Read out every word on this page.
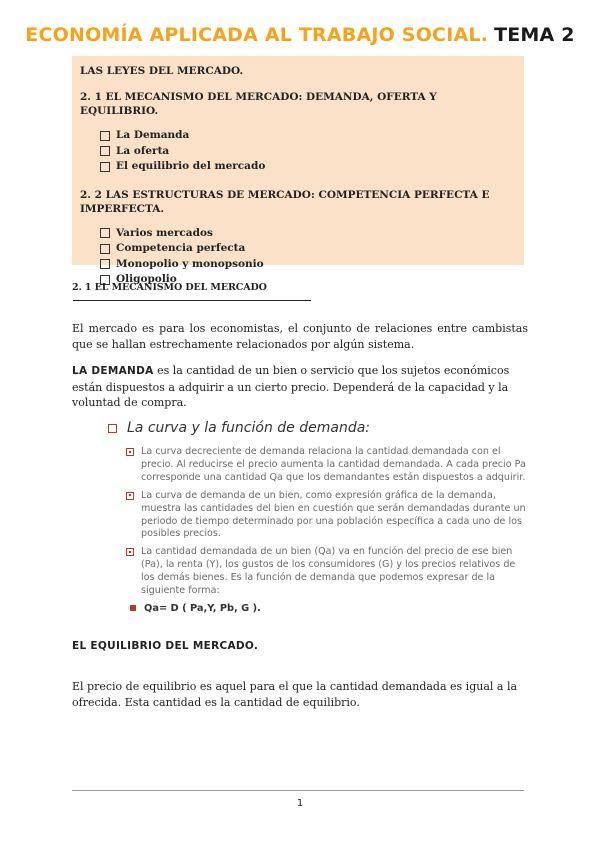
ECONOMÍA APLICADA AL TRABAJO SOCIAL. TEMA 2

LAS LEYES DEL MERCADO.

2. 1 EL MECANISMO DEL MERCADO: DEMANDA, OFERTA Y EQUILIBRIO.

La Demanda
La oferta
El equilibrio del mercado

2. 2 LAS ESTRUCTURAS DE MERCADO: COMPETENCIA PERFECTA E IMPERFECTA.

Varios mercados
Competencia perfecta
Monopolio y monopsonio
Oligopolio
2. 1 EL MECANISMO DEL MERCADO

El mercado es para los economistas, el conjunto de relaciones entre cambistas que se hallan estrechamente relacionados por algún sistema.

LA DEMANDA es la cantidad de un bien o servicio que los sujetos económicos están dispuestos a adquirir a un cierto precio. Dependerá de la capacidad y la voluntad de compra.

La curva y la función de demanda:
La curva decreciente de demanda relaciona la cantidad demandada con el precio. Al reducirse el precio aumenta la cantidad demandada. A cada precio Pa corresponde una cantidad Qa que los demandantes están dispuestos a adquirir.
La curva de demanda de un bien, como expresión gráfica de la demanda, muestra las cantidades del bien en cuestión que serán demandadas durante un periodo de tiempo determinado por una población específica a cada uno de los posibles precios.
La cantidad demandada de un bien (Qa) va en función del precio de ese bien (Pa), la renta (Y), los gustos de los consumidores (G) y los precios relativos de los demás bienes. Es la función de demanda que podemos expresar de la siguiente forma:
Qa= D ( Pa,Y, Pb, G ).
EL EQUILIBRIO DEL MERCADO.

El precio de equilibrio es aquel para el que la cantidad demandada es igual a la ofrecida. Esta cantidad es la cantidad de equilibrio.

1
